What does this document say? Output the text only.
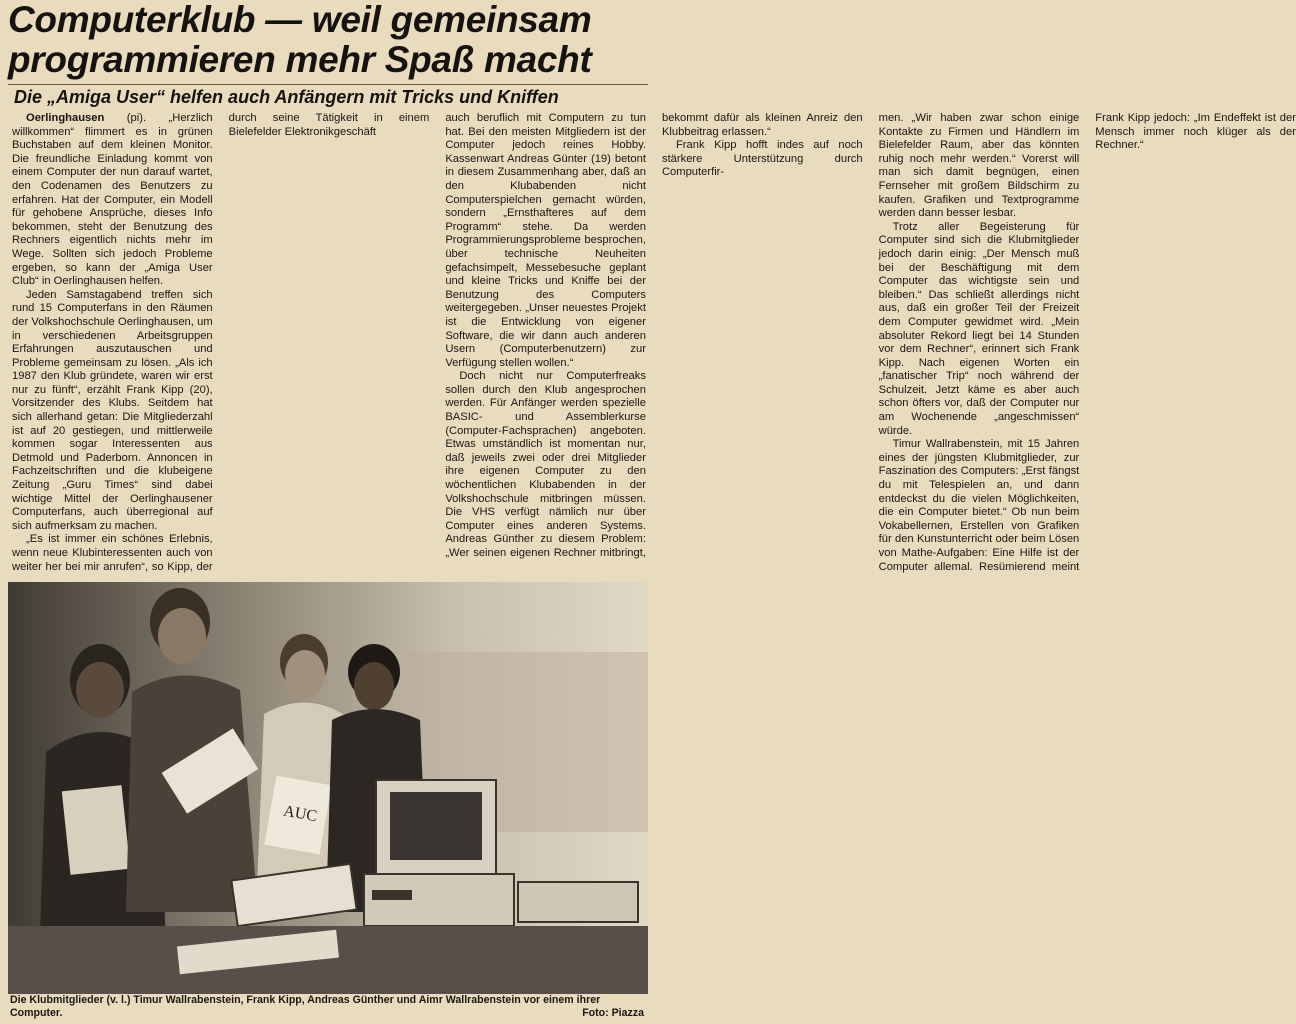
Computerklub — weil gemeinsam
programmieren mehr Spaß macht
Die „Amiga User“ helfen auch Anfängern mit Tricks und Kniffen

Oerlinghausen (pi). „Herzlich willkommen“ flimmert es in grünen Buchstaben auf dem kleinen Monitor. Die freundliche Einladung kommt von einem Computer der nun darauf wartet, den Codenamen des Benutzers zu erfahren. Hat der Computer, ein Modell für gehobene Ansprüche, dieses Info bekommen, steht der Benutzung des Rechners eigentlich nichts mehr im Wege. Sollten sich jedoch Probleme ergeben, so kann der „Amiga User Club“ in Oerlinghausen helfen.

Jeden Samstagabend treffen sich rund 15 Computerfans in den Räumen der Volkshochschule Oerlinghausen, um in verschiedenen Arbeitsgruppen Erfahrungen auszutauschen und Probleme gemeinsam zu lösen. „Als ich 1987 den Klub gründete, waren wir erst nur zu fünft“, erzählt Frank Kipp (20), Vorsitzender des Klubs. Seitdem hat sich allerhand getan: Die Mitgliederzahl ist auf 20 gestiegen, und mittlerweile kommen sogar Interessenten aus Detmold und Paderborn. Annoncen in Fachzeitschriften und die klubeigene Zeitung „Guru Times“ sind dabei wichtige Mittel der Oerlinghausener Computerfans, auch überregional auf sich aufmerksam zu machen.

„Es ist immer ein schönes Erlebnis, wenn neue Klubinteressenten auch von weiter her bei mir anrufen“, so Kipp, der durch seine Tätigkeit in einem Bielefelder Elektronikgeschäft

auch beruflich mit Computern zu tun hat. Bei den meisten Mitgliedern ist der Computer jedoch reines Hobby. Kassenwart Andreas Günter (19) betont in diesem Zusammenhang aber, daß an den Klubabenden nicht Computerspielchen gemacht würden, sondern „Ernsthafteres auf dem Programm“ stehe. Da werden Programmierungsprobleme besprochen, über technische Neuheiten gefachsimpelt, Messebesuche geplant und kleine Tricks und Kniffe bei der Benutzung des Computers weitergegeben. „Unser neuestes Projekt ist die Entwicklung von eigener Software, die wir dann auch anderen Usern (Computerbenutzern) zur Verfügung stellen wollen.“

Doch nicht nur Computerfreaks sollen durch den Klub angesprochen werden. Für Anfänger werden spezielle BASIC- und Assemblerkurse (Computer-Fachsprachen) angeboten. Etwas umständlich ist momentan nur, daß jeweils zwei oder drei Mitglieder ihre eigenen Computer zu den wöchentlichen Klubabenden in der Volkshochschule mitbringen müssen. Die VHS verfügt nämlich nur über Computer eines anderen Systems. Andreas Günther zu diesem Problem: „Wer seinen eigenen Rechner mitbringt, bekommt dafür als kleinen Anreiz den Klubbeitrag erlassen.“

Frank Kipp hofft indes auf noch stärkere Unterstützung durch Computerfir-

men. „Wir haben zwar schon einige Kontakte zu Firmen und Händlern im Bielefelder Raum, aber das könnten ruhig noch mehr werden.“ Vorerst will man sich damit begnügen, einen Fernseher mit großem Bildschirm zu kaufen. Grafiken und Textprogramme werden dann besser lesbar.

Trotz aller Begeisterung für Computer sind sich die Klubmitglieder jedoch darin einig: „Der Mensch muß bei der Beschäftigung mit dem Computer das wichtigste sein und bleiben.“ Das schließt allerdings nicht aus, daß ein großer Teil der Freizeit dem Computer gewidmet wird. „Mein absoluter Rekord liegt bei 14 Stunden vor dem Rechner“, erinnert sich Frank Kipp. Nach eigenen Worten ein „fanatischer Trip“ noch während der Schulzeit. Jetzt käme es aber auch schon öfters vor, daß der Computer nur am Wochenende „angeschmissen“ würde.

Timur Wallrabenstein, mit 15 Jahren eines der jüngsten Klubmitglieder, zur Faszination des Computers: „Erst fängst du mit Telespielen an, und dann entdeckst du die vielen Möglichkeiten, die ein Computer bietet.“ Ob nun beim Vokabellernen, Erstellen von Grafiken für den Kunstunterricht oder beim Lösen von Mathe-Aufgaben: Eine Hilfe ist der Computer allemal. Resümierend meint Frank Kipp jedoch: „Im Endeffekt ist der Mensch immer noch klüger als der Rechner.“

AUC

Die Klubmitglieder (v. l.) Timur Wallrabenstein, Frank Kipp, Andreas Günther und Aimr Wallrabenstein vor einem ihrer Computer.	Foto: Piazza
